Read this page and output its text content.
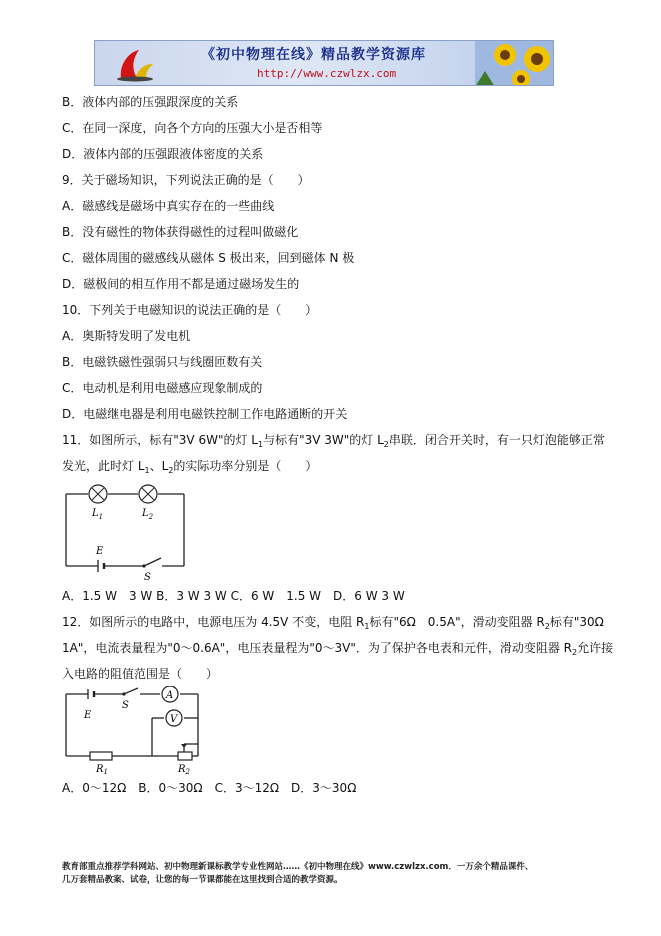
《初中物理在线》精品教学资源库
http://www.czwlzx.com
B．液体内部的压强跟深度的关系
C．在同一深度，向各个方向的压强大小是否相等
D．液体内部的压强跟液体密度的关系
9．关于磁场知识，下列说法正确的是（　　）
A．磁感线是磁场中真实存在的一些曲线
B．没有磁性的物体获得磁性的过程叫做磁化
C．磁体周围的磁感线从磁体 S 极出来，回到磁体 N 极
D．磁极间的相互作用不都是通过磁场发生的
10．下列关于电磁知识的说法正确的是（　　）
A．奥斯特发明了发电机
B．电磁铁磁性强弱只与线圈匝数有关
C．电动机是利用电磁感应现象制成的
D．电磁继电器是利用电磁铁控制工作电路通断的开关
11．如图所示，标有"3V 6W"的灯 $L_1$与标有"3V 3W"的灯 $L_2$串联．闭合开关时，有一只灯泡能够正常
发光，此时灯 $L_1$、$L_2$的实际功率分别是（　　）
$L_1$	$L_2$
E
S
A．1.5 W　3 W B．3 W 3 W C．6 W　1.5 W　D．6 W 3 W
12．如图所示的电路中，电源电压为 4.5V 不变，电阻 $R_1$标有"6Ω　0.5A"，滑动变阻器 $R_2$标有"30Ω
1A"，电流表量程为"0～0.6A"，电压表量程为"0～3V"．为了保护各电表和元件，滑动变阻器 $R_2$允许接
入电路的阻值范围是（　　）
A
V
E
S
$R_1$	$R_2$
A．0～12Ω　B．0～30Ω　C．3～12Ω　D．3～30Ω
教育部重点推荐学科网站、初中物理新课标教学专业性网站……《初中物理在线》www.czwlzx.com．一万余个精品课件、
几万套精品教案、试卷，让您的每一节课都能在这里找到合适的教学资源。
